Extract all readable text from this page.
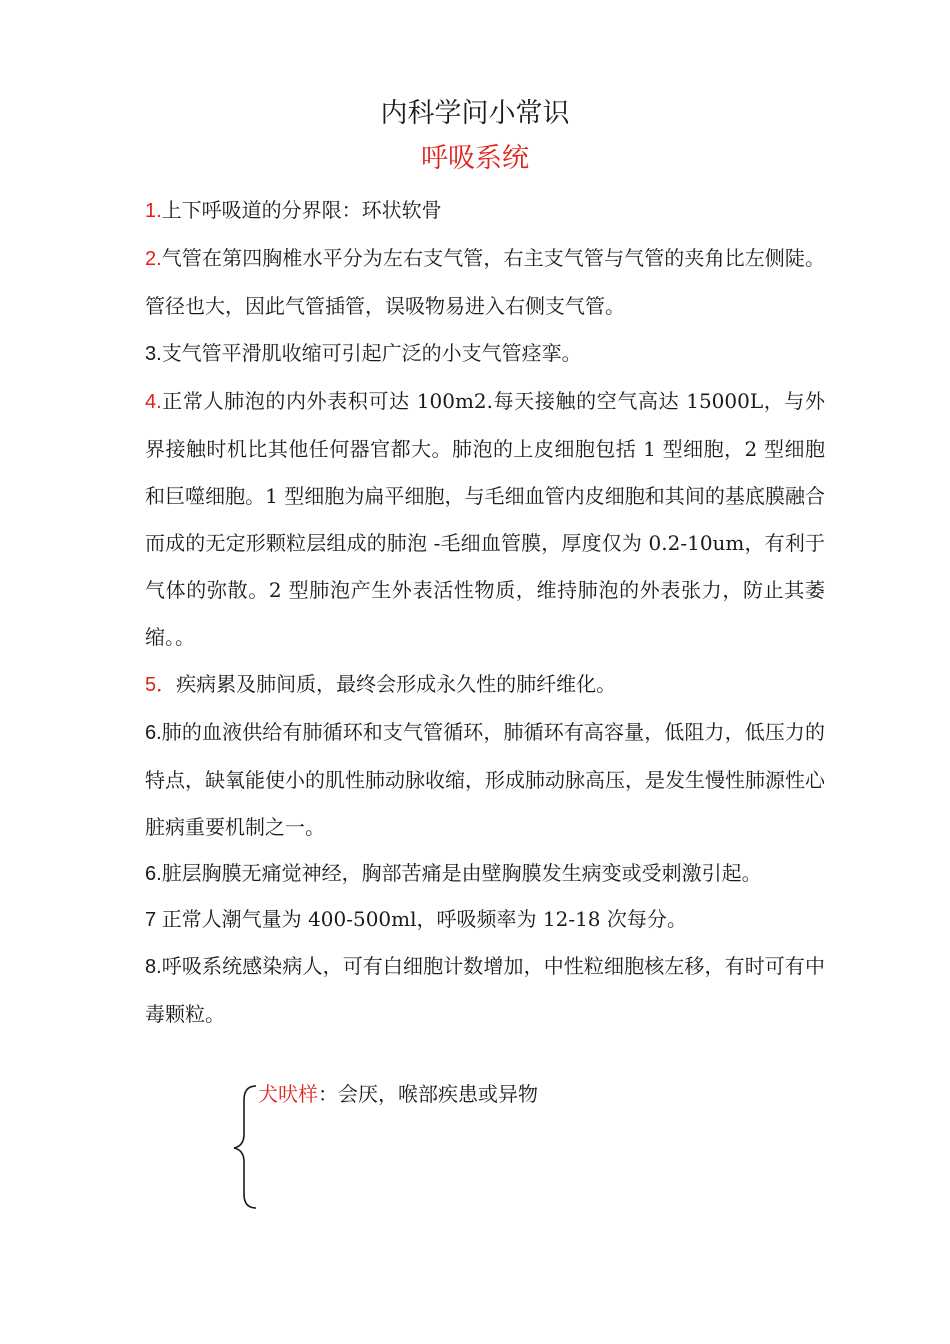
内科学问小常识
呼吸系统

1.上下呼吸道的分界限：环状软骨

2.气管在第四胸椎水平分为左右支气管，右主支气管与气管的夹角比左侧陡。管径也大，因此气管插管，误吸物易进入右侧支气管。

3.支气管平滑肌收缩可引起广泛的小支气管痉挛。

4.正常人肺泡的内外表积可达 100m2.每天接触的空气高达 15000L，与外界接触时机比其他任何器官都大。肺泡的上皮细胞包括 1 型细胞，2 型细胞和巨噬细胞。1 型细胞为扁平细胞，与毛细血管内皮细胞和其间的基底膜融合而成的无定形颗粒层组成的肺泡 -毛细血管膜，厚度仅为 0.2-10um，有利于气体的弥散。2 型肺泡产生外表活性物质，维持肺泡的外表张力，防止其萎缩。。

5．疾病累及肺间质，最终会形成永久性的肺纤维化。

6.肺的血液供给有肺循环和支气管循环，肺循环有高容量，低阻力，低压力的特点，缺氧能使小的肌性肺动脉收缩，形成肺动脉高压，是发生慢性肺源性心脏病重要机制之一。

6.脏层胸膜无痛觉神经，胸部苦痛是由壁胸膜发生病变或受刺激引起。

7 正常人潮气量为 400-500ml，呼吸频率为 12-18 次每分。

8.呼吸系统感染病人，可有白细胞计数增加，中性粒细胞核左移，有时可有中毒颗粒。

犬吠样：会厌，喉部疾患或异物
